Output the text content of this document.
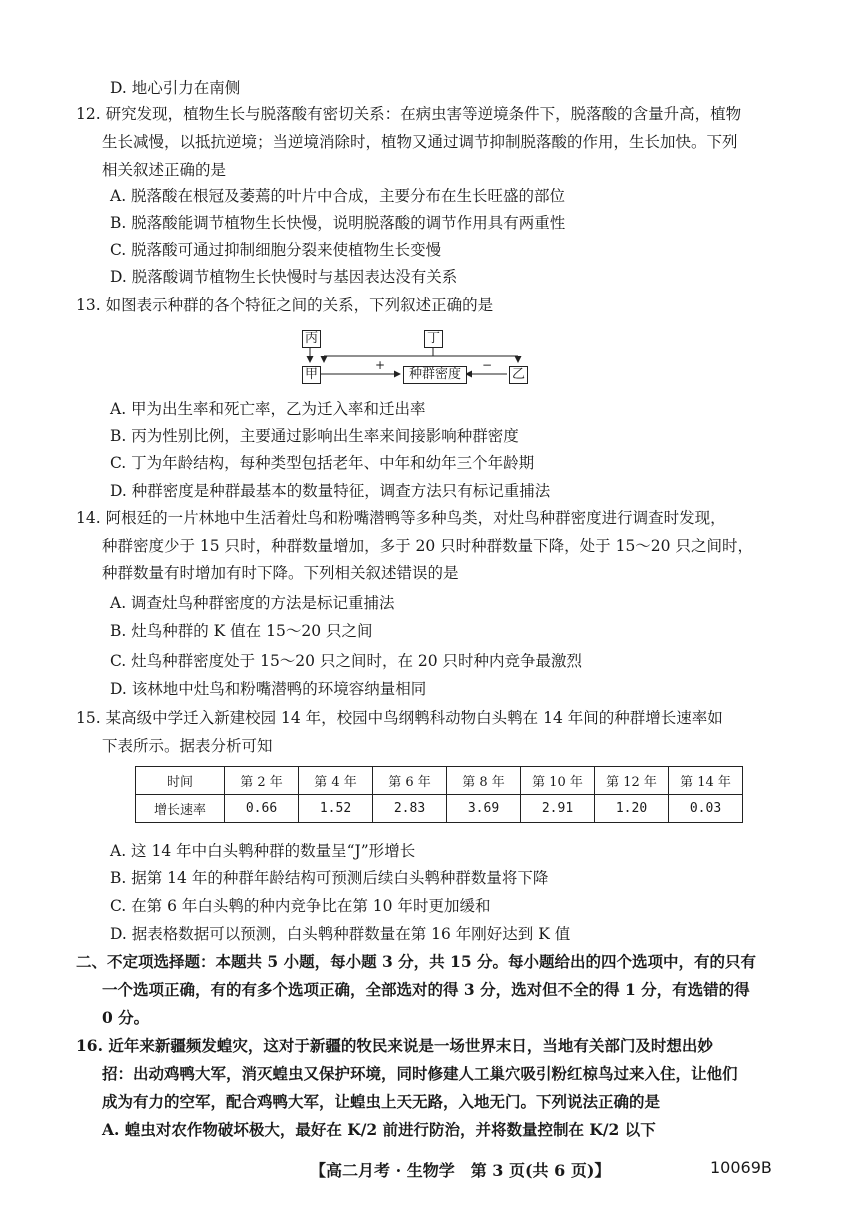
D. 地心引力在南侧
12. 研究发现，植物生长与脱落酸有密切关系：在病虫害等逆境条件下，脱落酸的含量升高，植物
生长减慢，以抵抗逆境；当逆境消除时，植物又通过调节抑制脱落酸的作用，生长加快。下列
相关叙述正确的是
A. 脱落酸在根冠及萎蔫的叶片中合成，主要分布在生长旺盛的部位
B. 脱落酸能调节植物生长快慢，说明脱落酸的调节作用具有两重性
C. 脱落酸可通过抑制细胞分裂来使植物生长变慢
D. 脱落酸调节植物生长快慢时与基因表达没有关系
13. 如图表示种群的各个特征之间的关系，下列叙述正确的是
丙	丁
甲	种群密度	乙
+	−
A. 甲为出生率和死亡率，乙为迁入率和迁出率
B. 丙为性别比例，主要通过影响出生率来间接影响种群密度
C. 丁为年龄结构，每种类型包括老年、中年和幼年三个年龄期
D. 种群密度是种群最基本的数量特征，调查方法只有标记重捕法
14. 阿根廷的一片林地中生活着灶鸟和粉嘴潜鸭等多种鸟类，对灶鸟种群密度进行调查时发现，
种群密度少于 15 只时，种群数量增加，多于 20 只时种群数量下降，处于 15～20 只之间时，
种群数量有时增加有时下降。下列相关叙述错误的是
A. 调查灶鸟种群密度的方法是标记重捕法
B. 灶鸟种群的 K 值在 15～20 只之间
C. 灶鸟种群密度处于 15～20 只之间时，在 20 只时种内竞争最激烈
D. 该林地中灶鸟和粉嘴潜鸭的环境容纳量相同
15. 某高级中学迁入新建校园 14 年，校园中鸟纲鹎科动物白头鹎在 14 年间的种群增长速率如
下表所示。据表分析可知
时间	第 2 年	第 4 年	第 6 年	第 8 年	第 10 年	第 12 年	第 14 年
增长速率	0.66	1.52	2.83	3.69	2.91	1.20	0.03
A. 这 14 年中白头鹎种群的数量呈“J”形增长
B. 据第 14 年的种群年龄结构可预测后续白头鹎种群数量将下降
C. 在第 6 年白头鹎的种内竞争比在第 10 年时更加缓和
D. 据表格数据可以预测，白头鹎种群数量在第 16 年刚好达到 K 值
二、不定项选择题：本题共 5 小题，每小题 3 分，共 15 分。每小题给出的四个选项中，有的只有
一个选项正确，有的有多个选项正确，全部选对的得 3 分，选对但不全的得 1 分，有选错的得
0 分。
16. 近年来新疆频发蝗灾，这对于新疆的牧民来说是一场世界末日，当地有关部门及时想出妙
招：出动鸡鸭大军，消灭蝗虫又保护环境，同时修建人工巢穴吸引粉红椋鸟过来入住，让他们
成为有力的空军，配合鸡鸭大军，让蝗虫上天无路，入地无门。下列说法正确的是
A. 蝗虫对农作物破坏极大，最好在 K/2 前进行防治，并将数量控制在 K/2 以下
【高二月考 · 生物学　第 3 页(共 6 页)】	10069B
